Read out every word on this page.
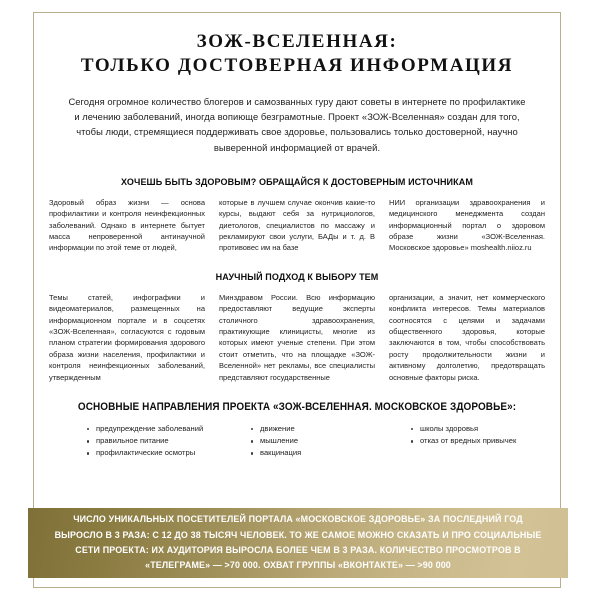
ЗОЖ-ВСЕЛЕННАЯ:
ТОЛЬКО ДОСТОВЕРНАЯ ИНФОРМАЦИЯ
Сегодня огромное количество блогеров и самозванных гуру дают советы в интернете по профилактике и лечению заболеваний, иногда вопиюще безграмотные. Проект «ЗОЖ-Вселенная» создан для того, чтобы люди, стремящиеся поддерживать свое здоровье, пользовались только достоверной, научно выверенной информацией от врачей.
ХОЧЕШЬ БЫТЬ ЗДОРОВЫМ? ОБРАЩАЙСЯ К ДОСТОВЕРНЫМ ИСТОЧНИКАМ

Здоровый образ жизни — основа профилактики и контроля неинфекционных заболеваний. Однако в интернете бытует масса непроверенной антинаучной информации по этой теме от людей,

которые в лучшем случае окончив какие-то курсы, выдают себя за нутрициологов, диетологов, специалистов по массажу и рекламируют свои услуги, БАДы и т. д. В противовес им на базе

НИИ организации здравоохранения и медицинского менеджмента создан информационный портал о здоровом образе жизни «ЗОЖ-Вселенная. Московское здоровье» moshealth.niioz.ru

НАУЧНЫЙ ПОДХОД К ВЫБОРУ ТЕМ

Темы статей, инфографики и видеоматериалов, размещенных на информационном портале и в соцсетях «ЗОЖ-Вселенная», согласуются с годовым планом стратегии формирования здорового образа жизни населения, профилактики и контроля неинфекционных заболеваний, утвержденным

Минздравом России. Всю информацию предоставляют ведущие эксперты столичного здравоохранения, практикующие клиницисты, многие из которых имеют ученые степени. При этом стоит отметить, что на площадке «ЗОЖ-Вселенной» нет рекламы, все специалисты представляют государственные

организации, а значит, нет коммерческого конфликта интересов. Темы материалов соотносятся с целями и задачами общественного здоровья, которые заключаются в том, чтобы способствовать росту продолжительности жизни и активному долголетию, предотвращать основные факторы риска.

ОСНОВНЫЕ НАПРАВЛЕНИЯ ПРОЕКТА «ЗОЖ-ВСЕЛЕННАЯ. МОСКОВСКОЕ ЗДОРОВЬЕ»:
предупреждение заболеваний
правильное питание
профилактические осмотры
движение
мышление
вакцинация
школы здоровья
отказ от вредных привычек
ЧИСЛО УНИКАЛЬНЫХ ПОСЕТИТЕЛЕЙ ПОРТАЛА «МОСКОВСКОЕ ЗДОРОВЬЕ» ЗА ПОСЛЕДНИЙ ГОД ВЫРОСЛО В 3 РАЗА: С 12 ДО 38 ТЫСЯЧ ЧЕЛОВЕК. ТО ЖЕ САМОЕ МОЖНО СКАЗАТЬ И ПРО СОЦИАЛЬНЫЕ СЕТИ ПРОЕКТА: ИХ АУДИТОРИЯ ВЫРОСЛА БОЛЕЕ ЧЕМ В 3 РАЗА. КОЛИЧЕСТВО ПРОСМОТРОВ В «ТЕЛЕГРАМЕ» — >70 000. ОХВАТ ГРУППЫ «ВКОНТАКТЕ» — >90 000
